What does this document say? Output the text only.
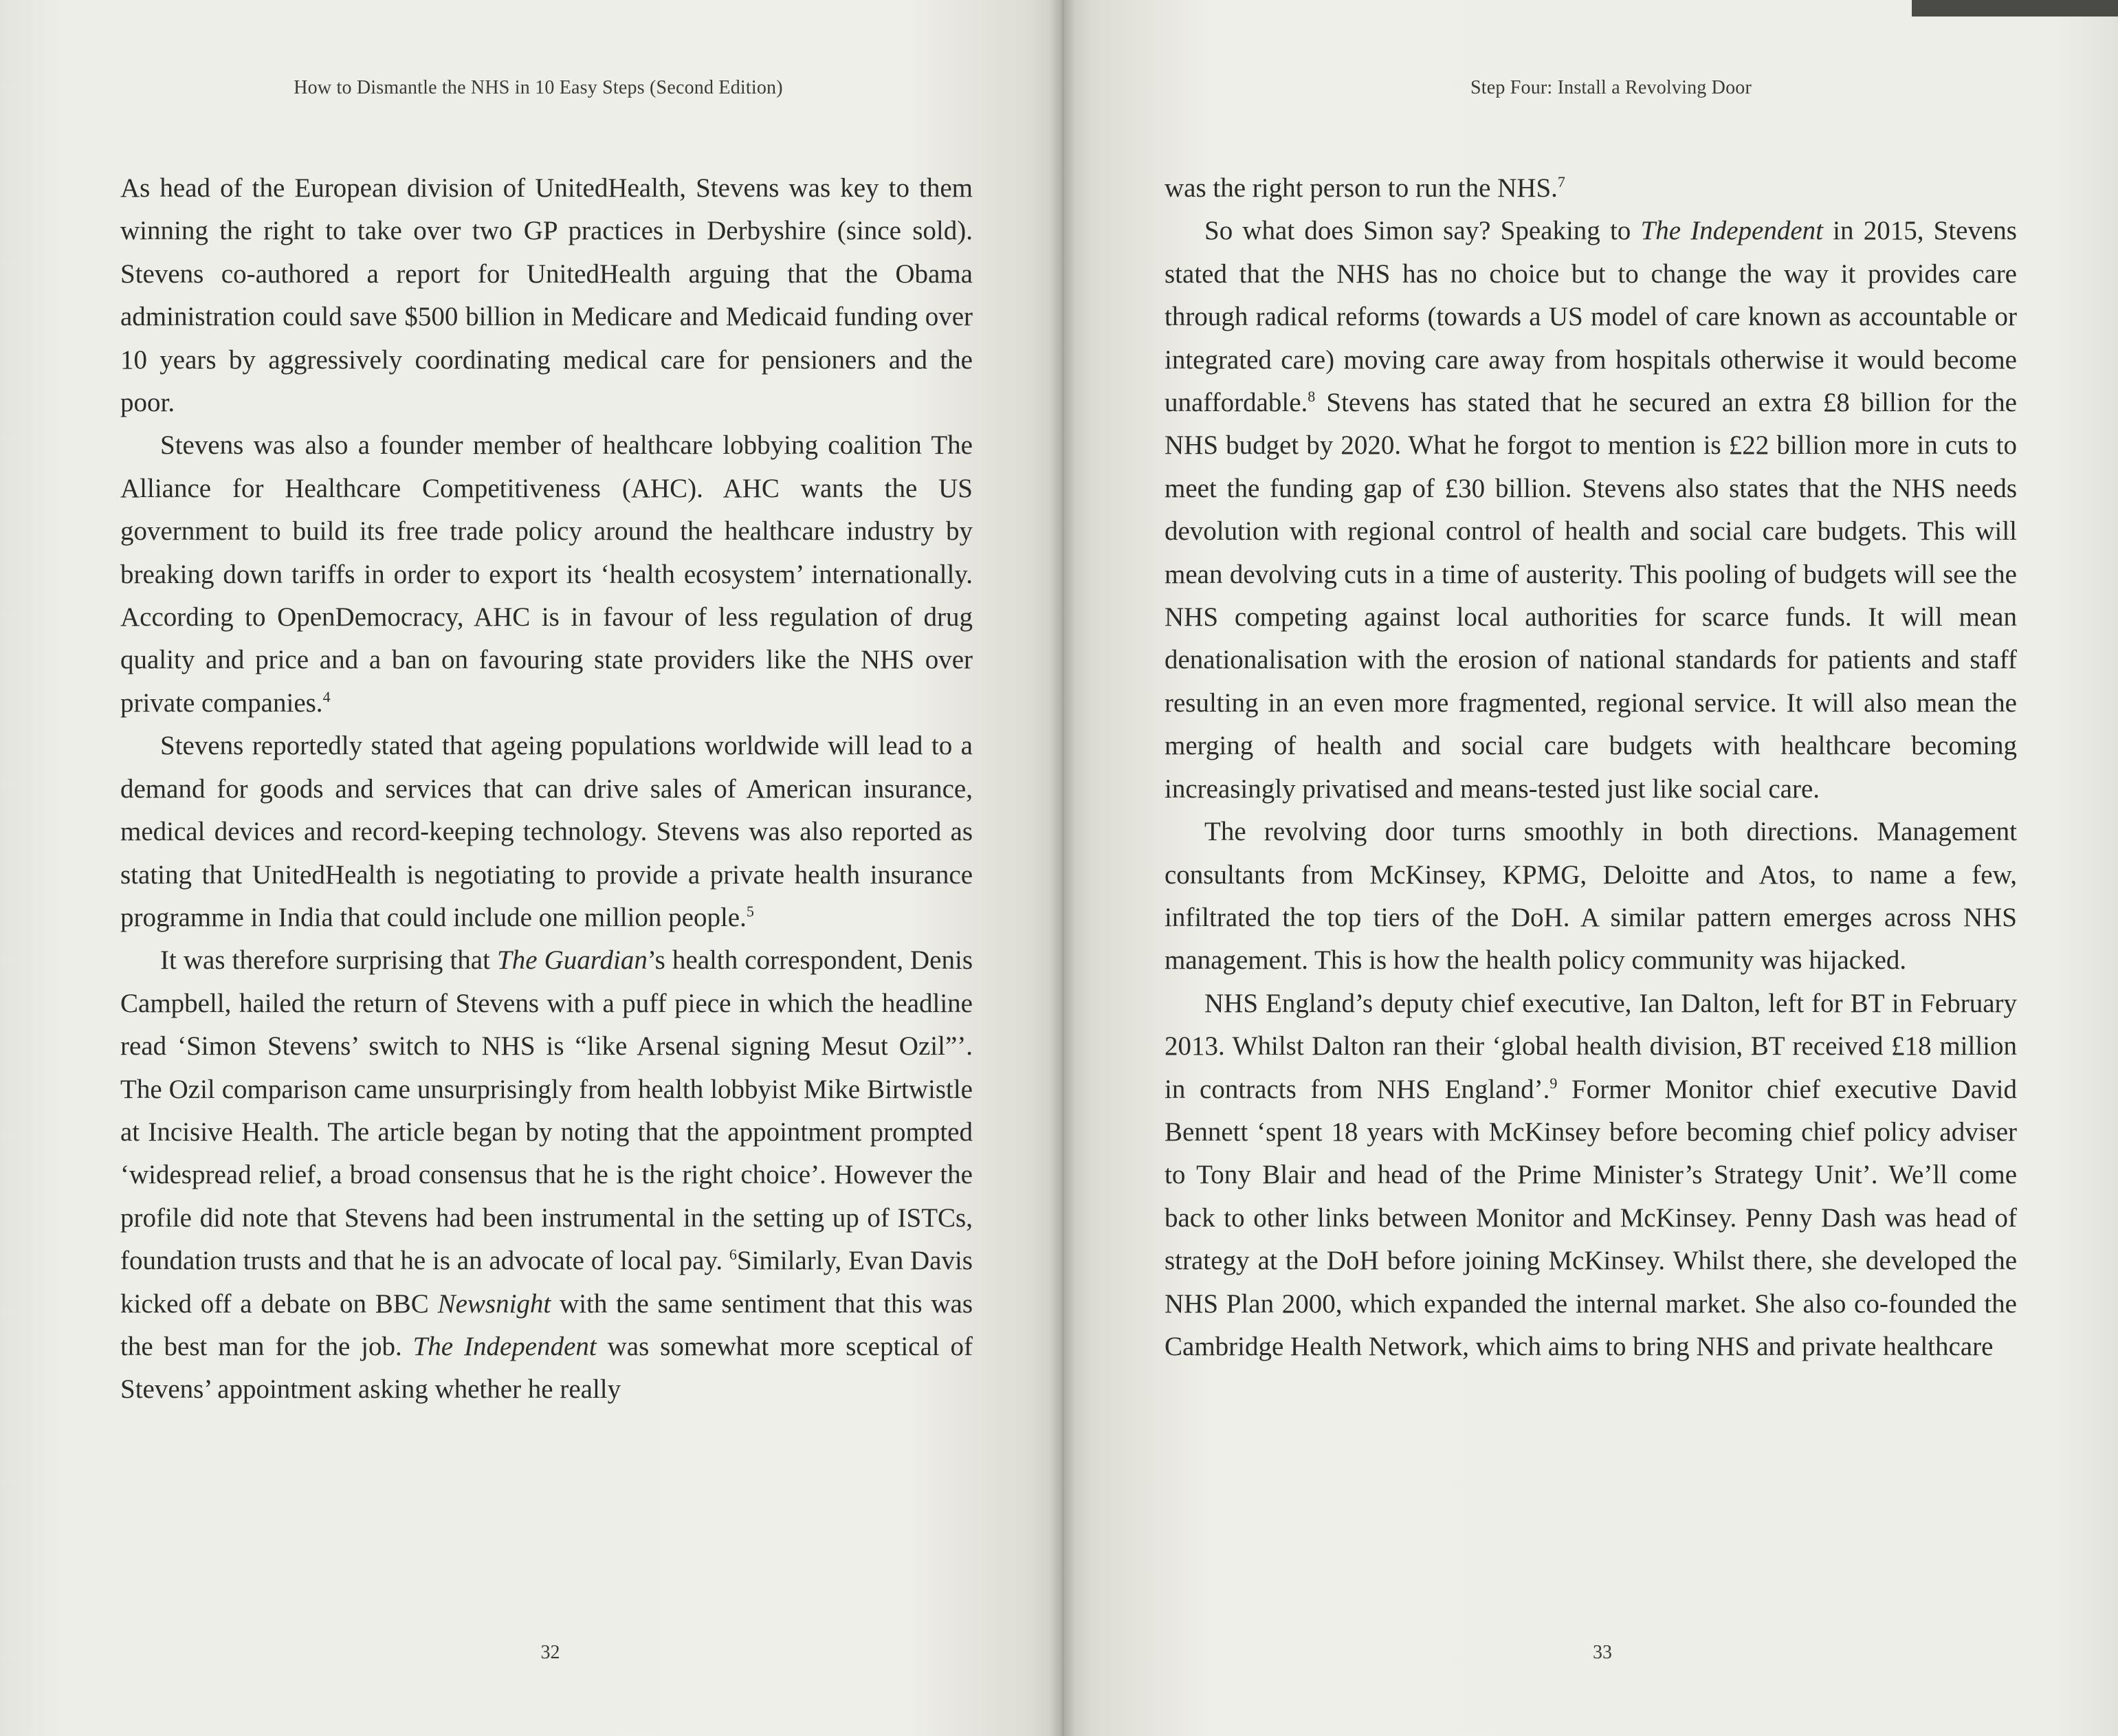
How to Dismantle the NHS in 10 Easy Steps (Second Edition)

As head of the European division of UnitedHealth, Stevens was key to them winning the right to take over two GP practices in Derbyshire (since sold). Stevens co-authored a report for UnitedHealth arguing that the Obama administration could save $500 billion in Medicare and Medicaid funding over 10 years by aggressively coordinating medical care for pensioners and the poor.

Stevens was also a founder member of healthcare lobbying coalition The Alliance for Healthcare Competitiveness (AHC). AHC wants the US government to build its free trade policy around the healthcare industry by breaking down tariffs in order to export its ‘health ecosystem’ internationally. According to OpenDemocracy, AHC is in favour of less regulation of drug quality and price and a ban on favouring state providers like the NHS over private companies.$^4$

Stevens reportedly stated that ageing populations worldwide will lead to a demand for goods and services that can drive sales of American insurance, medical devices and record-keeping technology. Stevens was also reported as stating that UnitedHealth is negotiating to provide a private health insurance programme in India that could include one million people.$^5$

It was therefore surprising that The Guardian’s health correspondent, Denis Campbell, hailed the return of Stevens with a puff piece in which the headline read ‘Simon Stevens’ switch to NHS is “like Arsenal signing Mesut Ozil”’. The Ozil comparison came unsurprisingly from health lobbyist Mike Birtwistle at Incisive Health. The article began by noting that the appointment prompted ‘widespread relief, a broad consensus that he is the right choice’. However the profile did note that Stevens had been instrumental in the setting up of ISTCs, foundation trusts and that he is an advocate of local pay. $^6$Similarly, Evan Davis kicked off a debate on BBC Newsnight with the same sentiment that this was the best man for the job. The Independent was somewhat more sceptical of Stevens’ appointment asking whether he really

32
Step Four: Install a Revolving Door

was the right person to run the NHS.$^7$

So what does Simon say? Speaking to The Independent in 2015, Stevens stated that the NHS has no choice but to change the way it provides care through radical reforms (towards a US model of care known as accountable or integrated care) moving care away from hospitals otherwise it would become unaffordable.$^8$ Stevens has stated that he secured an extra £8 billion for the NHS budget by 2020. What he forgot to mention is £22 billion more in cuts to meet the funding gap of £30 billion. Stevens also states that the NHS needs devolution with regional control of health and social care budgets. This will mean devolving cuts in a time of austerity. This pooling of budgets will see the NHS competing against local authorities for scarce funds. It will mean denationalisation with the erosion of national standards for patients and staff resulting in an even more fragmented, regional service. It will also mean the merging of health and social care budgets with healthcare becoming increasingly privatised and means-tested just like social care.

The revolving door turns smoothly in both directions. Management consultants from McKinsey, KPMG, Deloitte and Atos, to name a few, infiltrated the top tiers of the DoH. A similar pattern emerges across NHS management. This is how the health policy community was hijacked.

NHS England’s deputy chief executive, Ian Dalton, left for BT in February 2013. Whilst Dalton ran their ‘global health division, BT received £18 million in contracts from NHS England’.$^9$ Former Monitor chief executive David Bennett ‘spent 18 years with McKinsey before becoming chief policy adviser to Tony Blair and head of the Prime Minister’s Strategy Unit’. We’ll come back to other links between Monitor and McKinsey. Penny Dash was head of strategy at the DoH before joining McKinsey. Whilst there, she developed the NHS Plan 2000, which expanded the internal market. She also co-founded the Cambridge Health Network, which aims to bring NHS and private healthcare

33
